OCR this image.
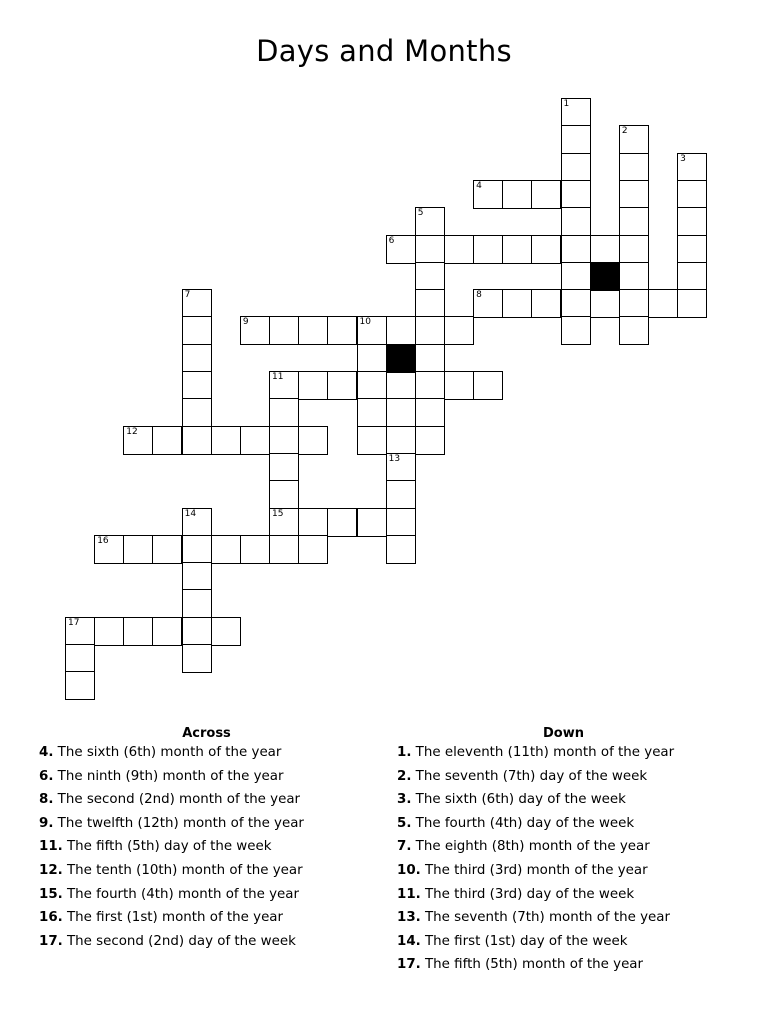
Days and Months
1
2
3
4
5
6
8
7
9	10
11
15
12
13
14
16
17
Across
4. The sixth (6th) month of the year
6. The ninth (9th) month of the year
8. The second (2nd) month of the year
9. The twelfth (12th) month of the year
11. The fifth (5th) day of the week
12. The tenth (10th) month of the year
15. The fourth (4th) month of the year
16. The first (1st) month of the year
17. The second (2nd) day of the week
Down
1. The eleventh (11th) month of the year
2. The seventh (7th) day of the week
3. The sixth (6th) day of the week
5. The fourth (4th) day of the week
7. The eighth (8th) month of the year
10. The third (3rd) month of the year
11. The third (3rd) day of the week
13. The seventh (7th) month of the year
14. The first (1st) day of the week
17. The fifth (5th) month of the year
